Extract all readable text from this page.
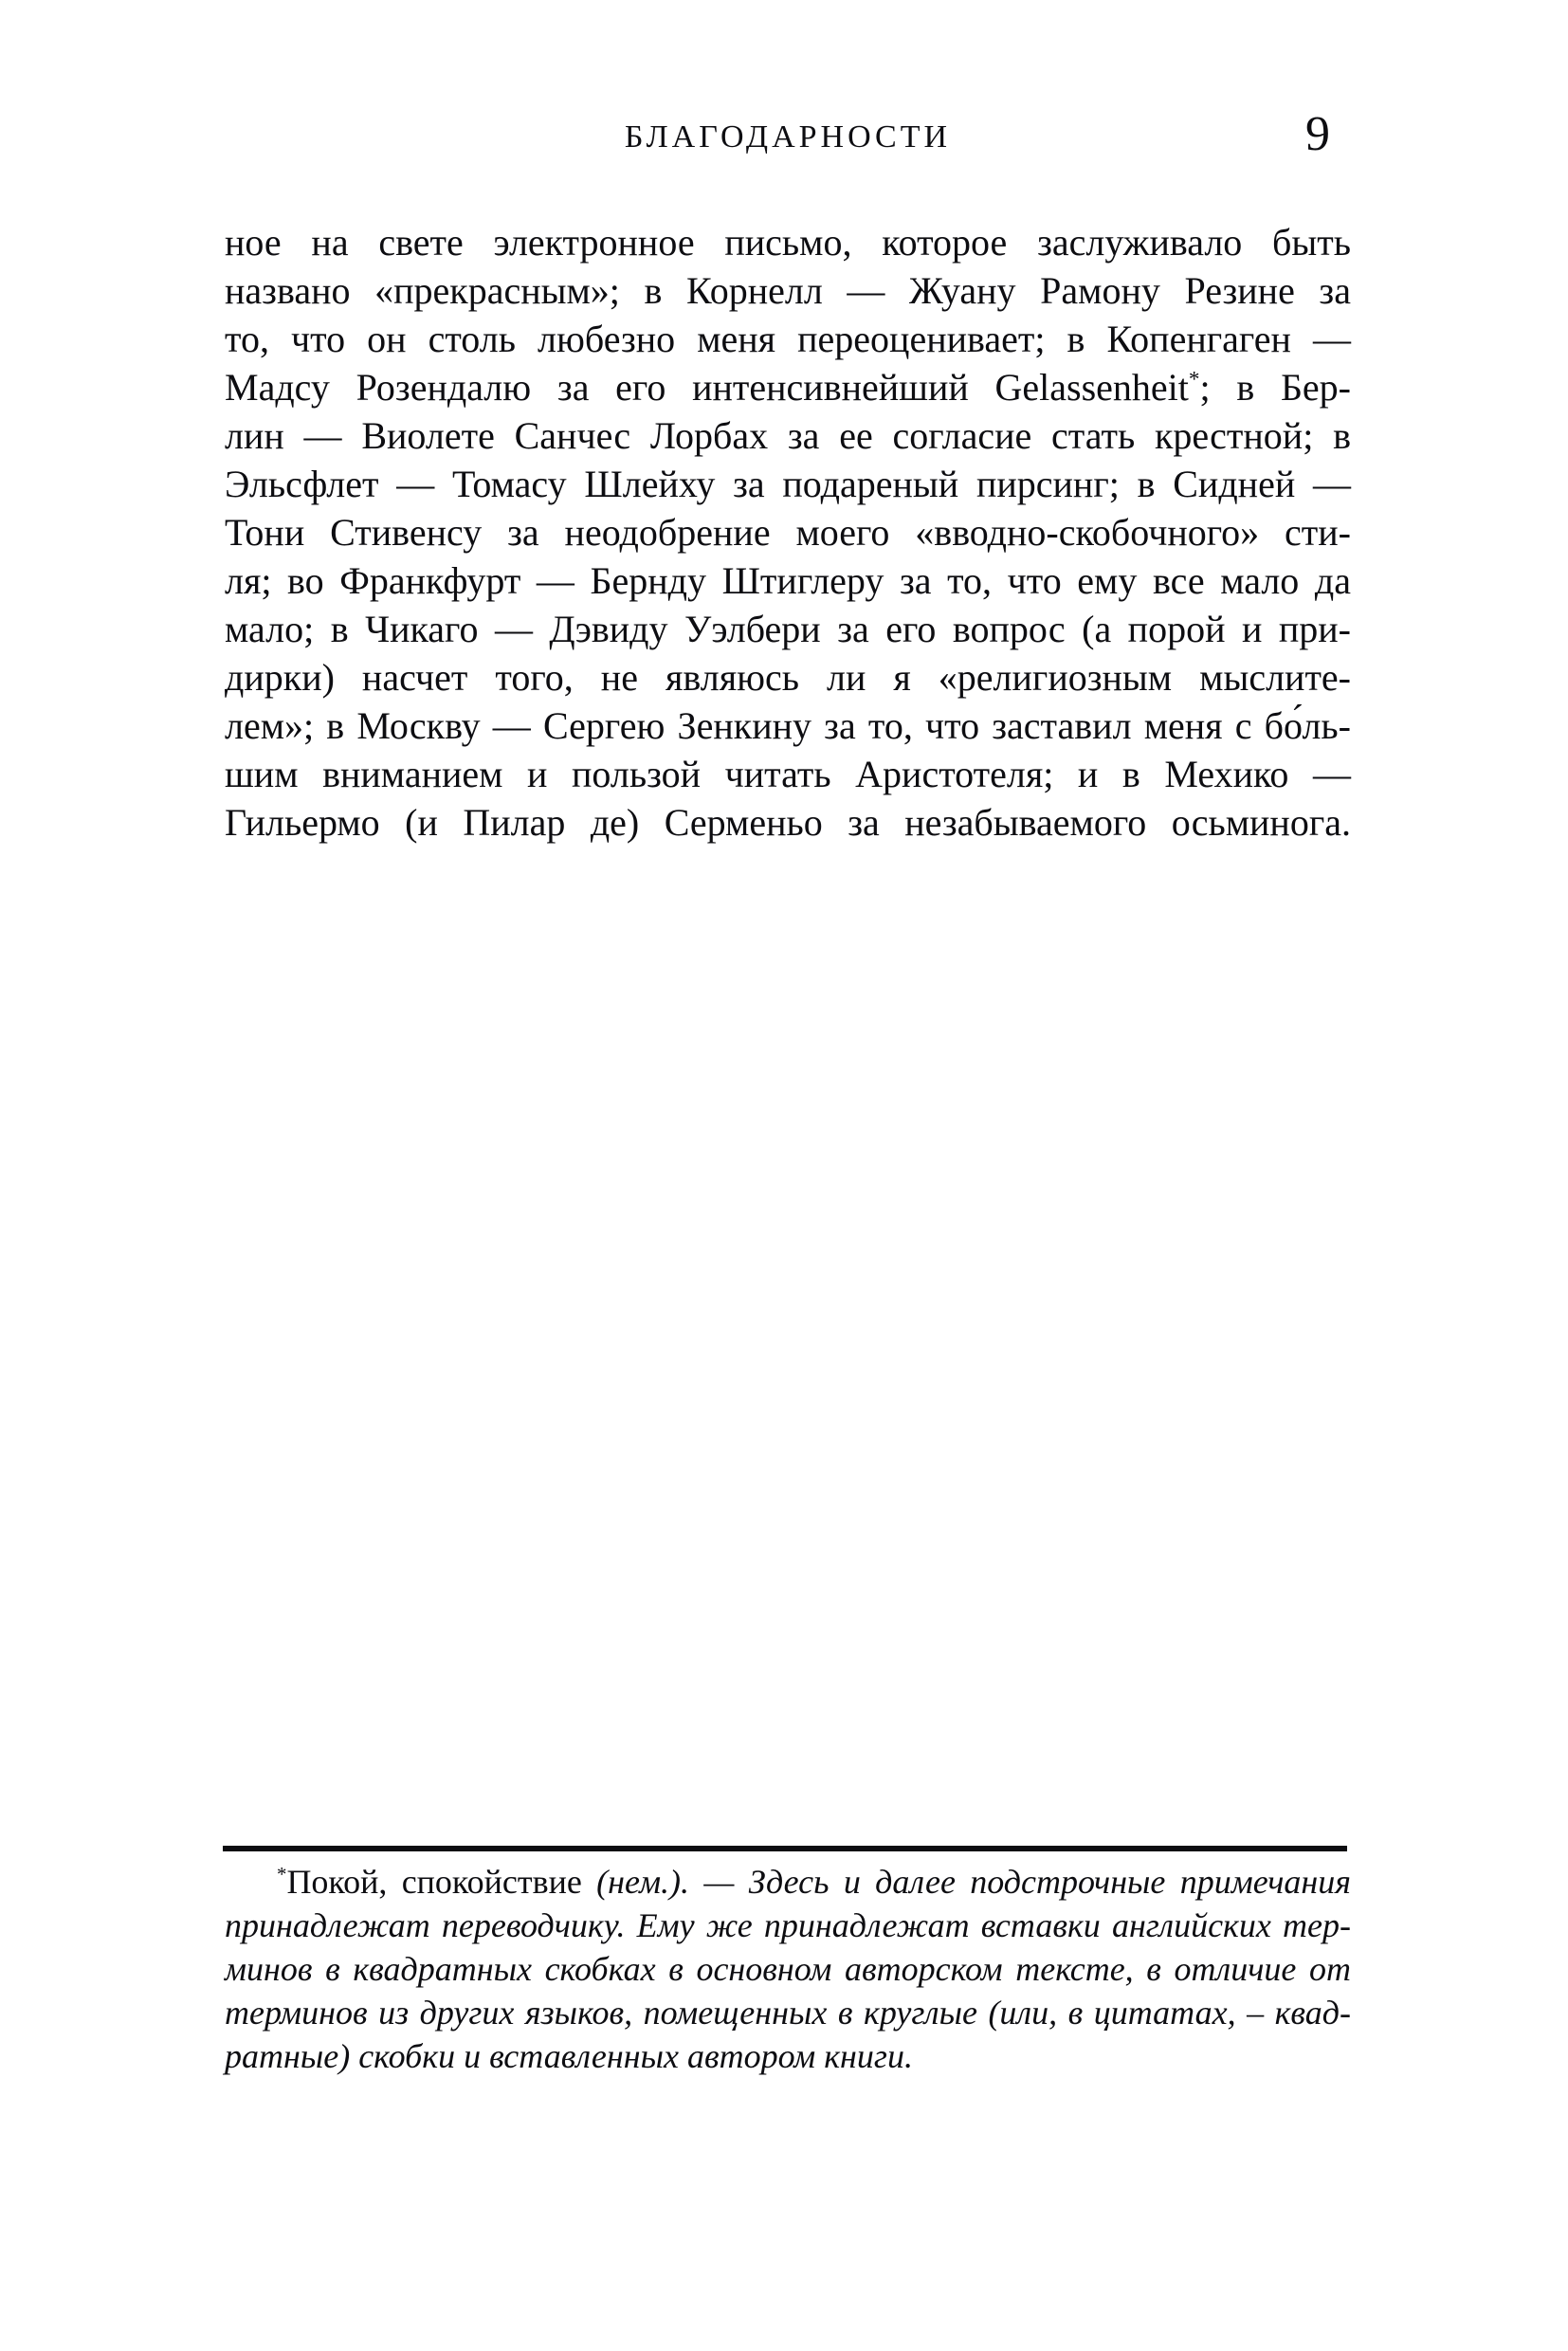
БЛАГОДАРНОСТИ	9
ное на свете электронное письмо, которое заслуживало быть
названо «прекрасным»; в Корнелл — Жуану Рамону Резине за
то, что он столь любезно меня переоценивает; в Копенгаген —
Мадсу Розендалю за его интенсивнейший Gelassenheit*; в Бер-
лин — Виолете Санчес Лорбах за ее согласие стать крестной; в
Эльсфлет — Томасу Шлейху за подареный пирсинг; в Сидней —
Тони Стивенсу за неодобрение моего «вводно-скобочного» сти-
ля; во Франкфурт — Бернду Штиглеру за то, что ему все мало да
мало; в Чикаго — Дэвиду Уэлбери за его вопрос (а порой и при-
дирки) насчет того, не являюсь ли я «религиозным мыслите-
лем»; в Москву — Сергею Зенкину за то, что заставил меня с бо́ль-
шим вниманием и пользой читать Аристотеля; и в Мехико —
Гильермо (и Пилар де) Серменьо за незабываемого осьминога.
*Покой, спокойствие (нем.). — Здесь и далее подстрочные примечания
принадлежат переводчику. Ему же принадлежат вставки английских тер-
минов в квадратных скобках в основном авторском тексте, в отличие от
терминов из других языков, помещенных в круглые (или, в цитатах, – квад-
ратные) скобки и вставленных автором книги.
